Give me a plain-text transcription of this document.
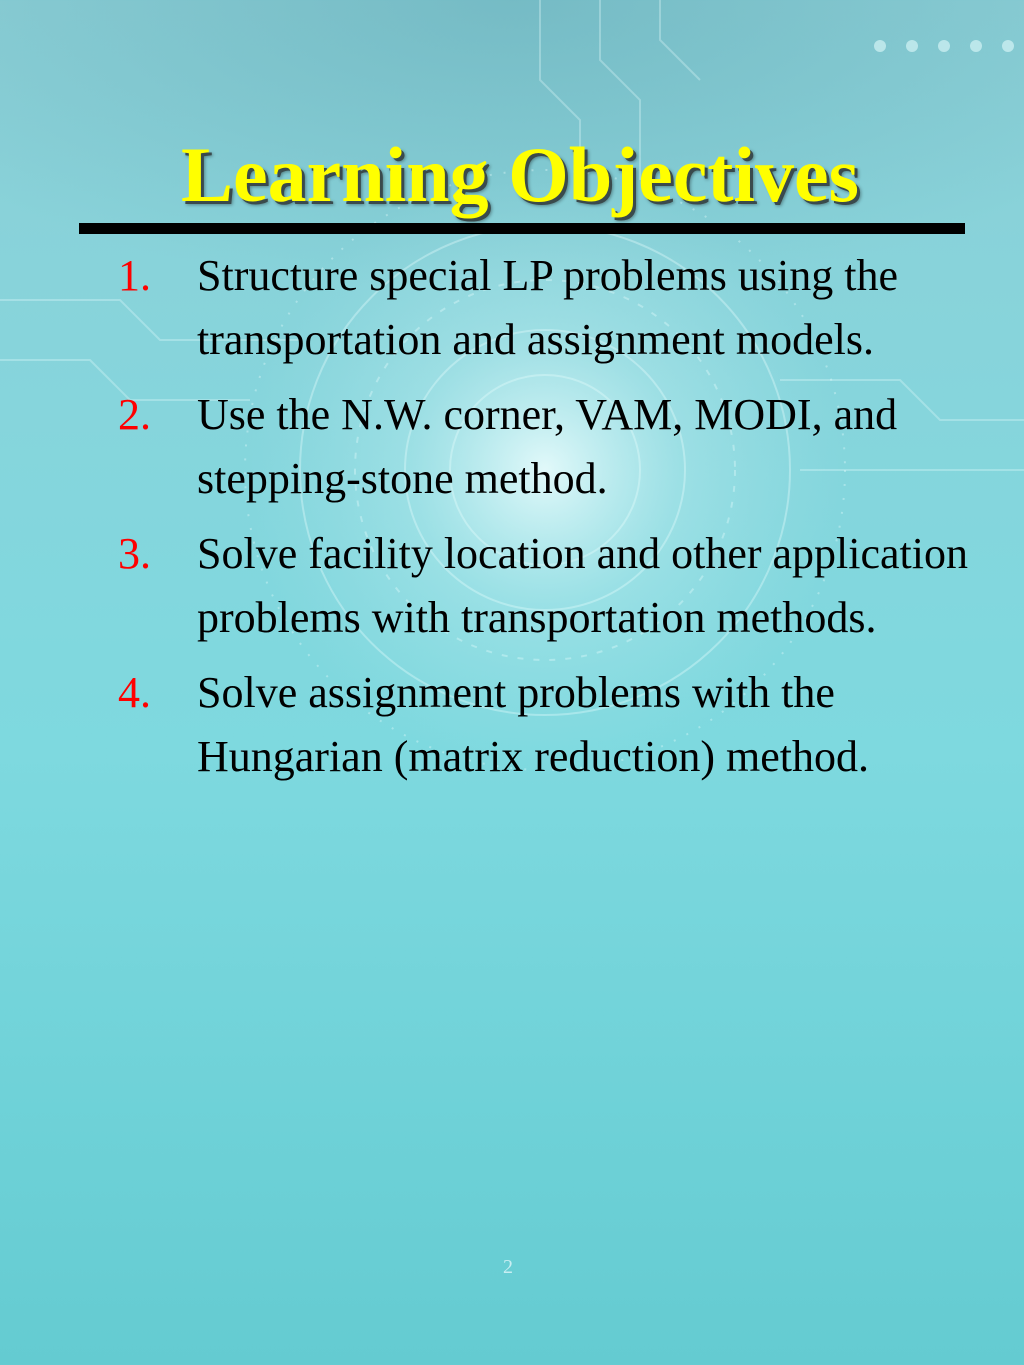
Learning Objectives
1. Structure special LP problems using the transportation and assignment models.
2. Use the N.W. corner, VAM, MODI, and stepping-stone method.
3. Solve facility location and other application problems with transportation methods.
4. Solve assignment problems with the Hungarian (matrix reduction) method.
2
